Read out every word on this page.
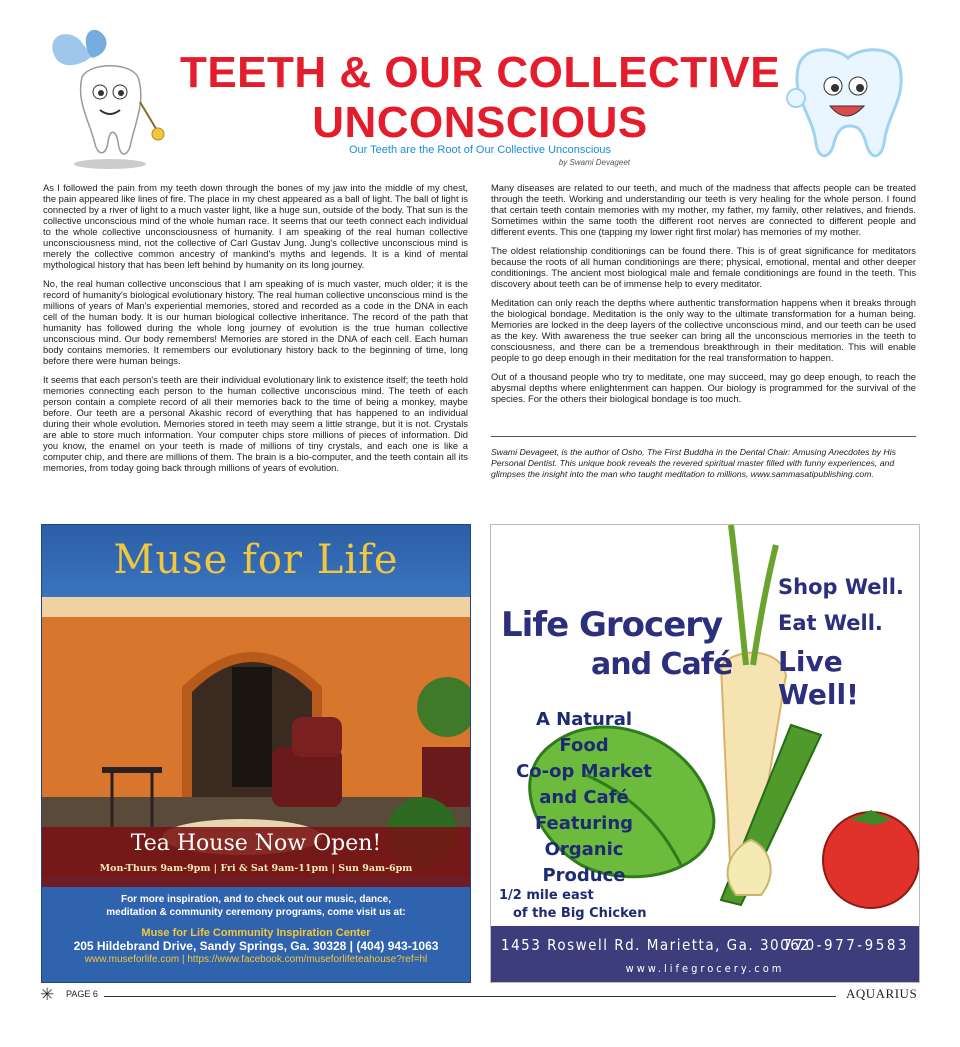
TEETH & OUR COLLECTIVE
UNCONSCIOUS
Our Teeth are the Root of Our Collective Unconscious
by Swami Devageet

As I followed the pain from my teeth down through the bones of my jaw into the middle of my chest, the pain appeared like lines of fire. The place in my chest appeared as a ball of light. The ball of light is connected by a river of light to a much vaster light, like a huge sun, outside of the body. That sun is the collective unconscious mind of the whole human race. It seems that our teeth connect each individual to the whole collective unconsciousness of humanity. I am speaking of the real human collective unconsciousness mind, not the collective of Carl Gustav Jung. Jung's collective unconscious mind is merely the collective common ancestry of mankind's myths and legends. It is a kind of mental mythological history that has been left behind by humanity on its long journey.

No, the real human collective unconscious that I am speaking of is much vaster, much older; it is the record of humanity's biological evolutionary history. The real human collective unconscious mind is the millions of years of Man's experiential memories, stored and recorded as a code in the DNA in each cell of the human body. It is our human biological collective inheritance. The record of the path that humanity has followed during the whole long journey of evolution is the true human collective unconscious mind. Our body remembers! Memories are stored in the DNA of each cell. Each human body contains memories. It remembers our evolutionary history back to the beginning of time, long before there were human beings.

It seems that each person's teeth are their individual evolutionary link to existence itself; the teeth hold memories connecting each person to the human collective unconscious mind. The teeth of each person contain a complete record of all their memories back to the time of being a monkey, maybe before. Our teeth are a personal Akashic record of everything that has happened to an individual during their whole evolution. Memories stored in teeth may seem a little strange, but it is not. Crystals are able to store much information. Your computer chips store millions of pieces of information. Did you know, the enamel on your teeth is made of millions of tiny crystals, and each one is like a computer chip, and there are millions of them. The brain is a bio-computer, and the teeth contain all its memories, from today going back through millions of years of evolution.

Many diseases are related to our teeth, and much of the madness that affects people can be treated through the teeth. Working and understanding our teeth is very healing for the whole person. I found that certain teeth contain memories with my mother, my father, my family, other relatives, and friends. Sometimes within the same tooth the different root nerves are connected to different people and different events. This one (tapping my lower right first molar) has memories of my mother.

The oldest relationship conditionings can be found there. This is of great significance for meditators because the roots of all human conditionings are there; physical, emotional, mental and other deeper conditionings. The ancient most biological male and female conditionings are found in the teeth. This discovery about teeth can be of immense help to every meditator.

Meditation can only reach the depths where authentic transformation happens when it breaks through the biological bondage. Meditation is the only way to the ultimate transformation for a human being. Memories are locked in the deep layers of the collective unconscious mind, and our teeth can be used as the key. With awareness the true seeker can bring all the unconscious memories in the teeth to consciousness, and there can be a tremendous breakthrough in their meditation. This will enable people to go deep enough in their meditation for the real transformation to happen.

Out of a thousand people who try to meditate, one may succeed, may go deep enough, to reach the abysmal depths where enlightenment can happen. Our biology is programmed for the survival of the species. For the others their biological bondage is too much.

Swami Devageet, is the author of Osho, The First Buddha in the Dental Chair: Amusing Anecdotes by His Personal Dentist. This unique book reveals the revered spiritual master filled with funny experiences, and glimpses the insight into the man who taught meditation to millions, www.sammasatipublishing.com.
Muse for Life
Tea House Now Open!
Mon-Thurs 9am-9pm | Fri & Sat 9am-11pm | Sun 9am-6pm
For more inspiration, and to check out our music, dance,
meditation & community ceremony programs, come visit us at:
Muse for Life Community Inspiration Center
205 Hildebrand Drive, Sandy Springs, Ga. 30328 | (404) 943-1063
www.museforlife.com | https://www.facebook.com/museforlifeteahouse?ref=hl
Life Grocery
and Café
Shop Well.
Eat Well.
Live Well!
A Natural Food
Co-op Market
and Café
Featuring
Organic
Produce
1/2 mile east
of the Big Chicken
1453 Roswell Rd. Marietta, Ga. 30062
770-977-9583
www.lifegrocery.com
✳	PAGE 6	AQUARIUS
